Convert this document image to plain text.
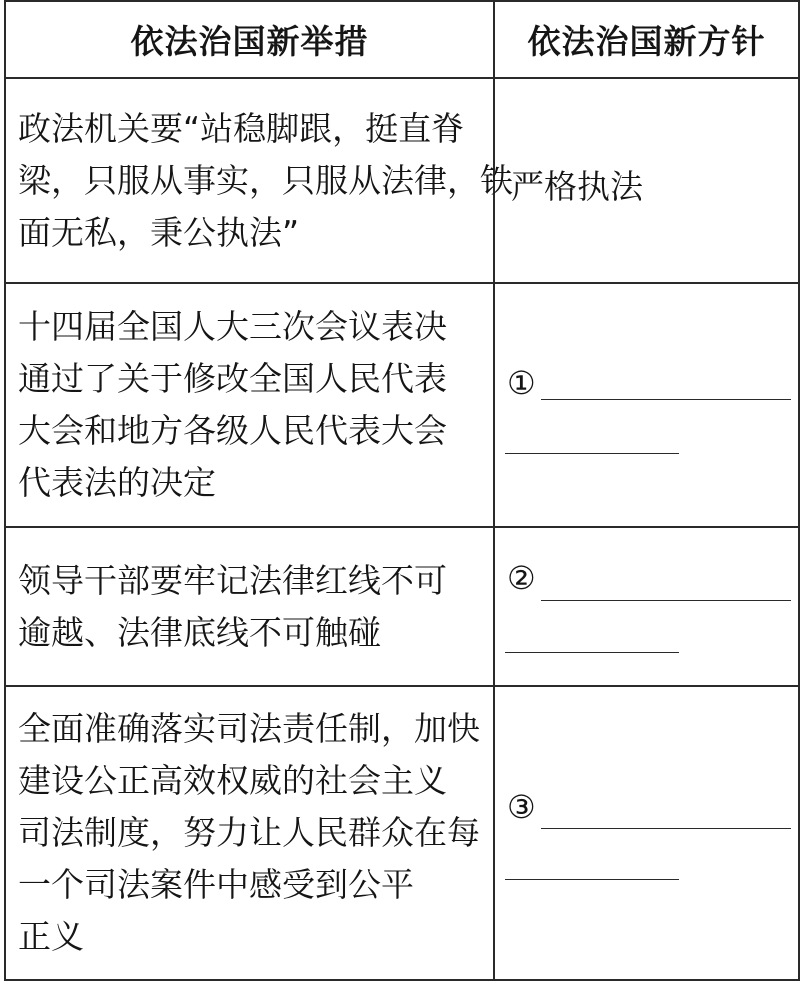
依法治国新举措	依法治国新方针
政法机关要“站稳脚跟，挺直脊
梁，只服从事实，只服从法律，铁
面无私，秉公执法”
严格执法
十四届全国人大三次会议表决
通过了关于修改全国人民代表
大会和地方各级人民代表大会
代表法的决定
①
领导干部要牢记法律红线不可
逾越、法律底线不可触碰
②
全面准确落实司法责任制，加快
建设公正高效权威的社会主义
司法制度，努力让人民群众在每
一个司法案件中感受到公平
正义
③
